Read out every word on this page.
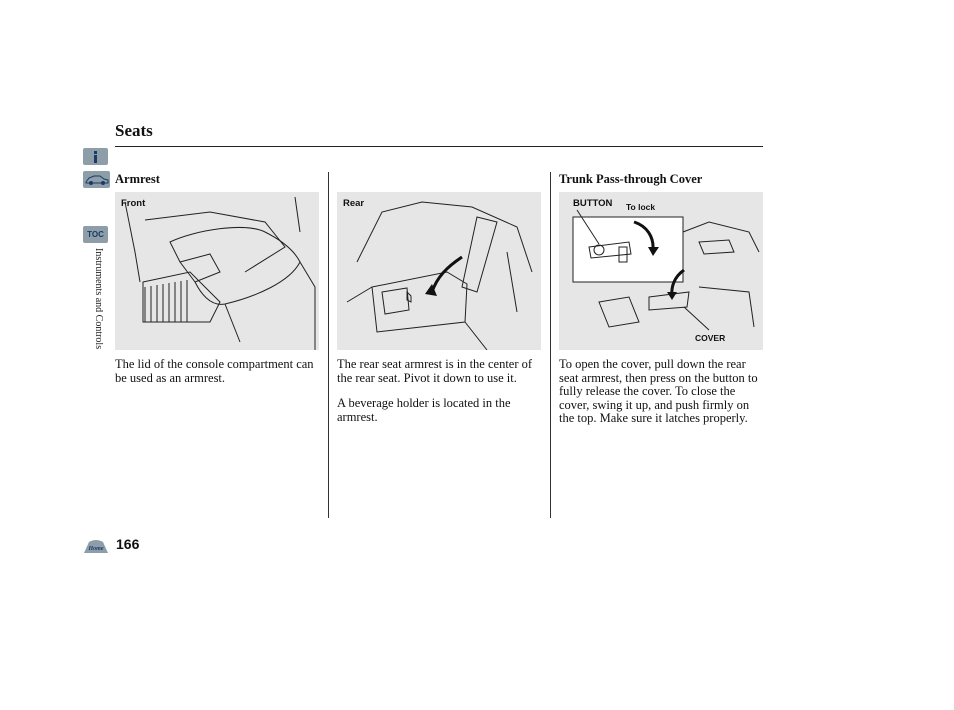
Seats
TOC
Instruments and Controls
Armrest
Front

The lid of the console compartment can be used as an armrest.

Rear

The rear seat armrest is in the center of the rear seat. Pivot it down to use it.

A beverage holder is located in the armrest.

Trunk Pass-through Cover
BUTTON To lock
COVER

To open the cover, pull down the rear seat armrest, then press on the button to fully release the cover. To close the cover, swing it up, and push firmly on the top. Make sure it latches properly.

Home 166
